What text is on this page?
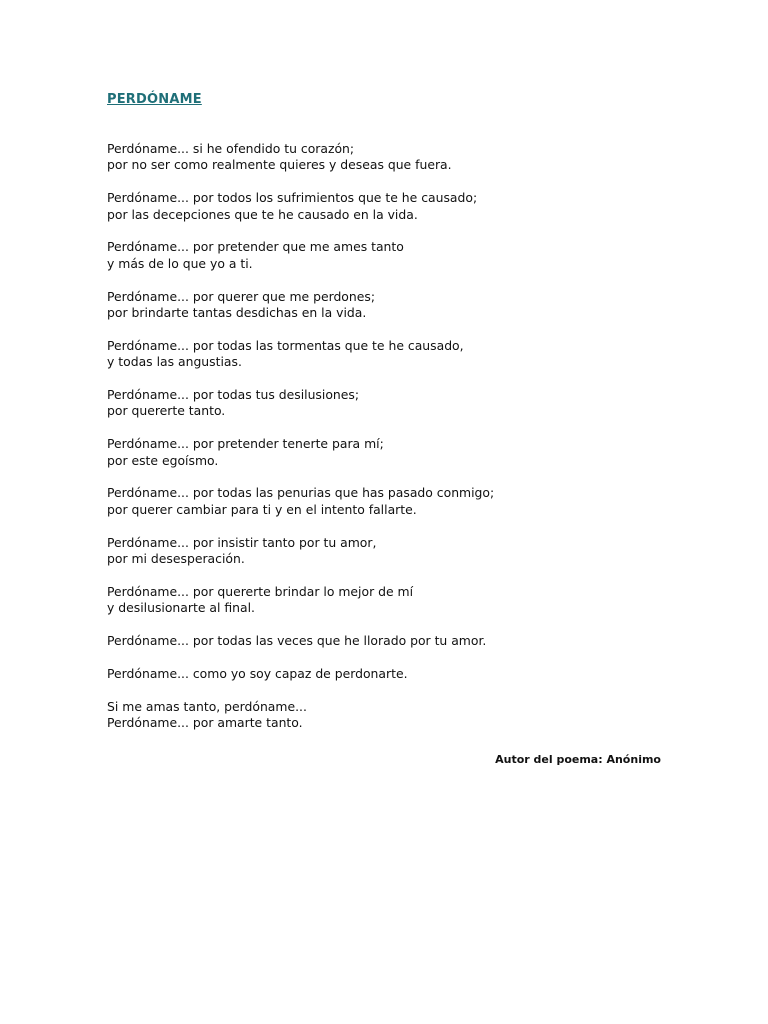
PERDÓNAME
Perdóname... si he ofendido tu corazón;
por no ser como realmente quieres y deseas que fuera.
Perdóname... por todos los sufrimientos que te he causado;
por las decepciones que te he causado en la vida.
Perdóname... por pretender que me ames tanto
y más de lo que yo a ti.
Perdóname... por querer que me perdones;
por brindarte tantas desdichas en la vida.
Perdóname... por todas las tormentas que te he causado,
y todas las angustias.
Perdóname... por todas tus desilusiones;
por quererte tanto.
Perdóname... por pretender tenerte para mí;
por este egoísmo.
Perdóname... por todas las penurias que has pasado conmigo;
por querer cambiar para ti y en el intento fallarte.
Perdóname... por insistir tanto por tu amor,
por mi desesperación.
Perdóname... por quererte brindar lo mejor de mí
y desilusionarte al final.
Perdóname... por todas las veces que he llorado por tu amor.
Perdóname... como yo soy capaz de perdonarte.
Si me amas tanto, perdóname...
Perdóname... por amarte tanto.
Autor del poema: Anónimo
